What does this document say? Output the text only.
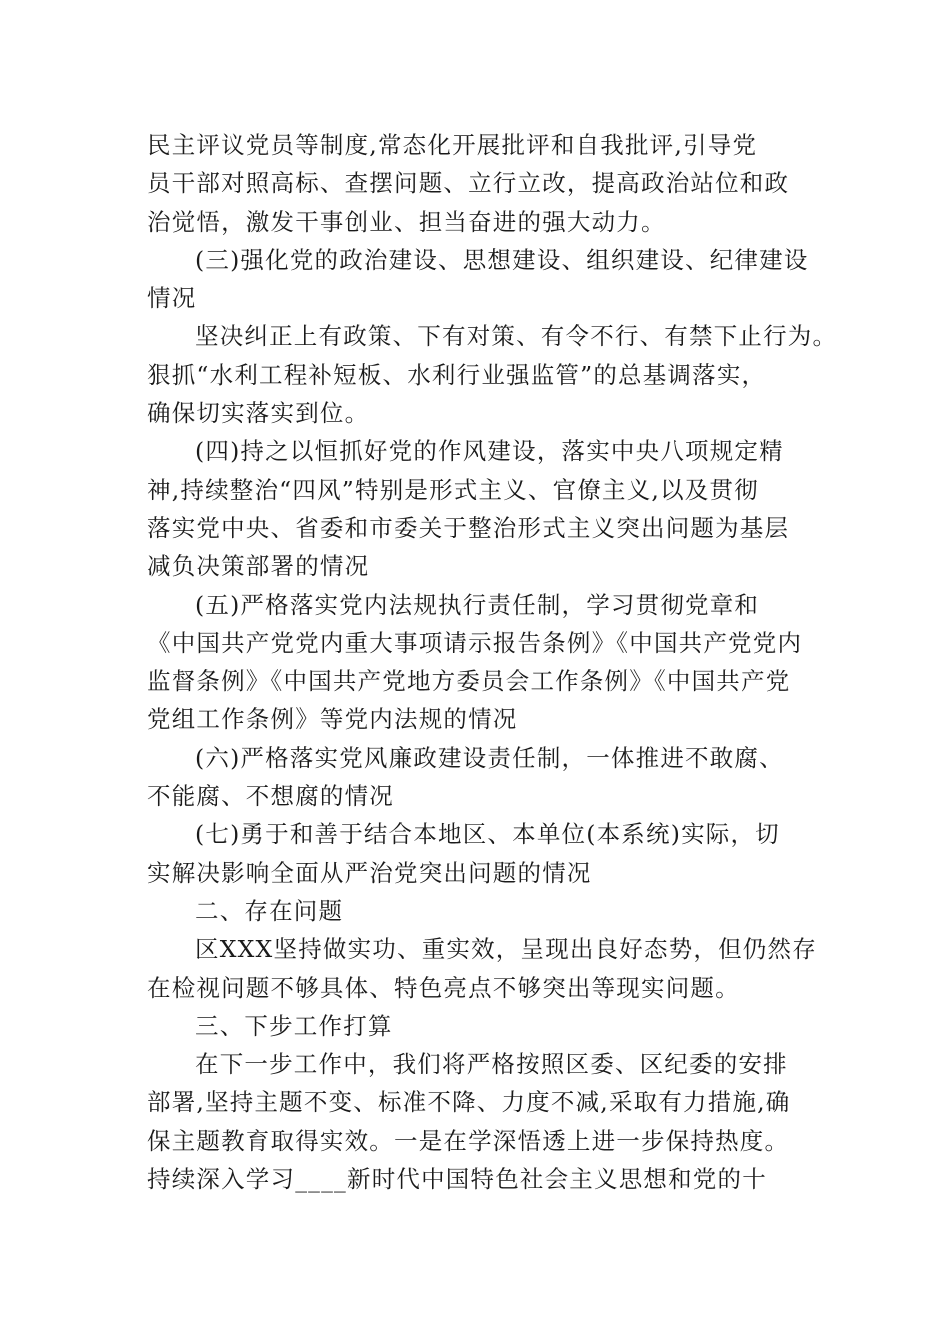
民主评议党员等制度,常态化开展批评和自我批评,引导党
员干部对照高标、查摆问题、立行立改，提高政治站位和政
治觉悟，激发干事创业、担当奋进的强大动力。
(三)强化党的政治建设、思想建设、组织建设、纪律建设
情况
坚决纠正上有政策、下有对策、有令不行、有禁下止行为。
狠抓“水利工程补短板、水利行业强监管”的总基调落实，
确保切实落实到位。
(四)持之以恒抓好党的作风建设，落实中央八项规定精
神,持续整治“四风”特别是形式主义、官僚主义,以及贯彻
落实党中央、省委和市委关于整治形式主义突出问题为基层
减负决策部署的情况
(五)严格落实党内法规执行责任制，学习贯彻党章和
《中国共产党党内重大事项请示报告条例》《中国共产党党内
监督条例》《中国共产党地方委员会工作条例》《中国共产党
党组工作条例》等党内法规的情况
(六)严格落实党风廉政建设责任制，一体推进不敢腐、
不能腐、不想腐的情况
(七)勇于和善于结合本地区、本单位(本系统)实际，切
实解决影响全面从严治党突出问题的情况
二、存在问题
区XXX坚持做实功、重实效，呈现出良好态势，但仍然存
在检视问题不够具体、特色亮点不够突出等现实问题。
三、下步工作打算
在下一步工作中，我们将严格按照区委、区纪委的安排
部署,坚持主题不变、标准不降、力度不减,采取有力措施,确
保主题教育取得实效。一是在学深悟透上进一步保持热度。
持续深入学习____新时代中国特色社会主义思想和党的十
